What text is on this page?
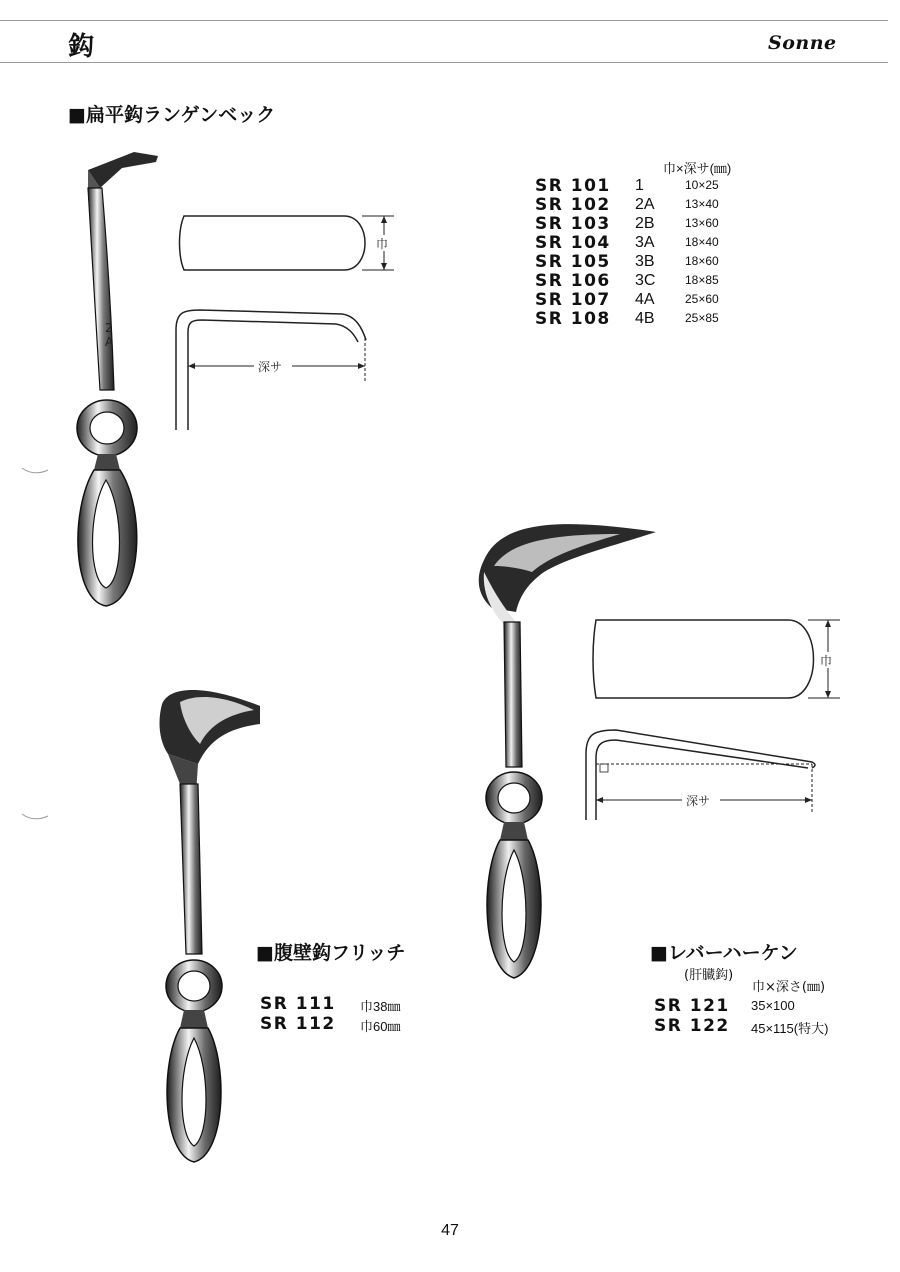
鈎	Sonne
■扁平鈎ランゲンベック
2
A
巾
深サ
巾×深サ(㎜)
SR 101 1	10×25
SR 102 2A	13×40
SR 103 2B	13×60
SR 104 3A	18×40
SR 105 3B	18×60
SR 106 3C 18×85
SR 107 4A	25×60
SR 108 4B	25×85
■腹壁鈎フリッチ
SR 111 巾38㎜
SR 112 巾60㎜
巾
深サ
■レバーハーケン
(肝臓鈎)
巾×深さ(㎜)
SR 121 35×100
SR 122 45×115(特大)
47
